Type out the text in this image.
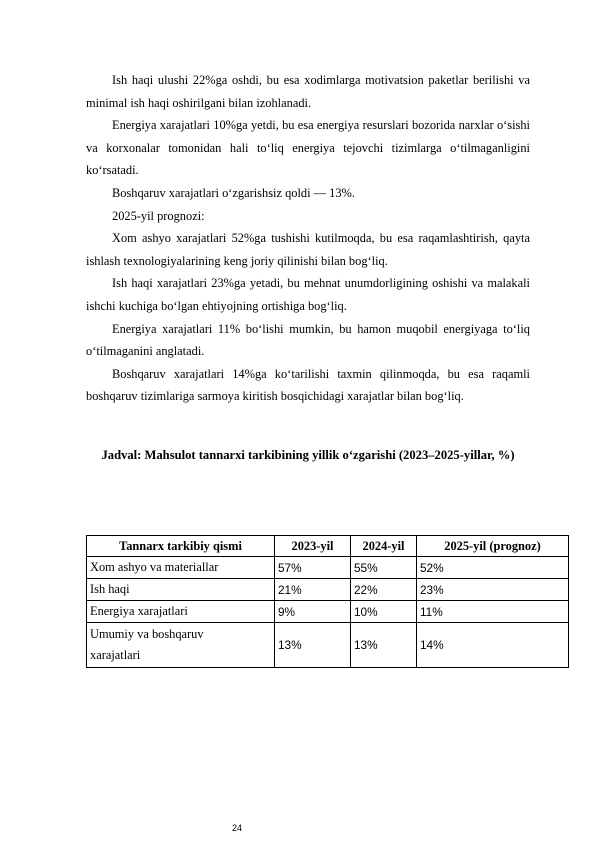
Ish haqi ulushi 22%ga oshdi, bu esa xodimlarga motivatsion paketlar berilishi va minimal ish haqi oshirilgani bilan izohlanadi.

Energiya xarajatlari 10%ga yetdi, bu esa energiya resurslari bozorida narxlar o‘sishi va korxonalar tomonidan hali to‘liq energiya tejovchi tizimlarga o‘tilmaganligini ko‘rsatadi.

Boshqaruv xarajatlari o‘zgarishsiz qoldi — 13%.

2025-yil prognozi:

Xom ashyo xarajatlari 52%ga tushishi kutilmoqda, bu esa raqamlashtirish, qayta ishlash texnologiyalarining keng joriy qilinishi bilan bog‘liq.

Ish haqi xarajatlari 23%ga yetadi, bu mehnat unumdorligining oshishi va malakali ishchi kuchiga bo‘lgan ehtiyojning ortishiga bog‘liq.

Energiya xarajatlari 11% bo‘lishi mumkin, bu hamon muqobil energiyaga to‘liq o‘tilmaganini anglatadi.

Boshqaruv xarajatlari 14%ga ko‘tarilishi taxmin qilinmoqda, bu esa raqamli boshqaruv tizimlariga sarmoya kiritish bosqichidagi xarajatlar bilan bog‘liq.

Jadval: Mahsulot tannarxi tarkibining yillik o‘zgarishi (2023–2025-yillar, %)
Tannarx tarkibiy qismi	2023-yil	2024-yil	2025-yil (prognoz)
Xom ashyo va materiallar	57%	55%	52%
Ish haqi	21%	22%	23%
Energiya xarajatlari	9%	10%	11%
Umumiy va boshqaruv xarajatlari	13%	13%	14%
24
